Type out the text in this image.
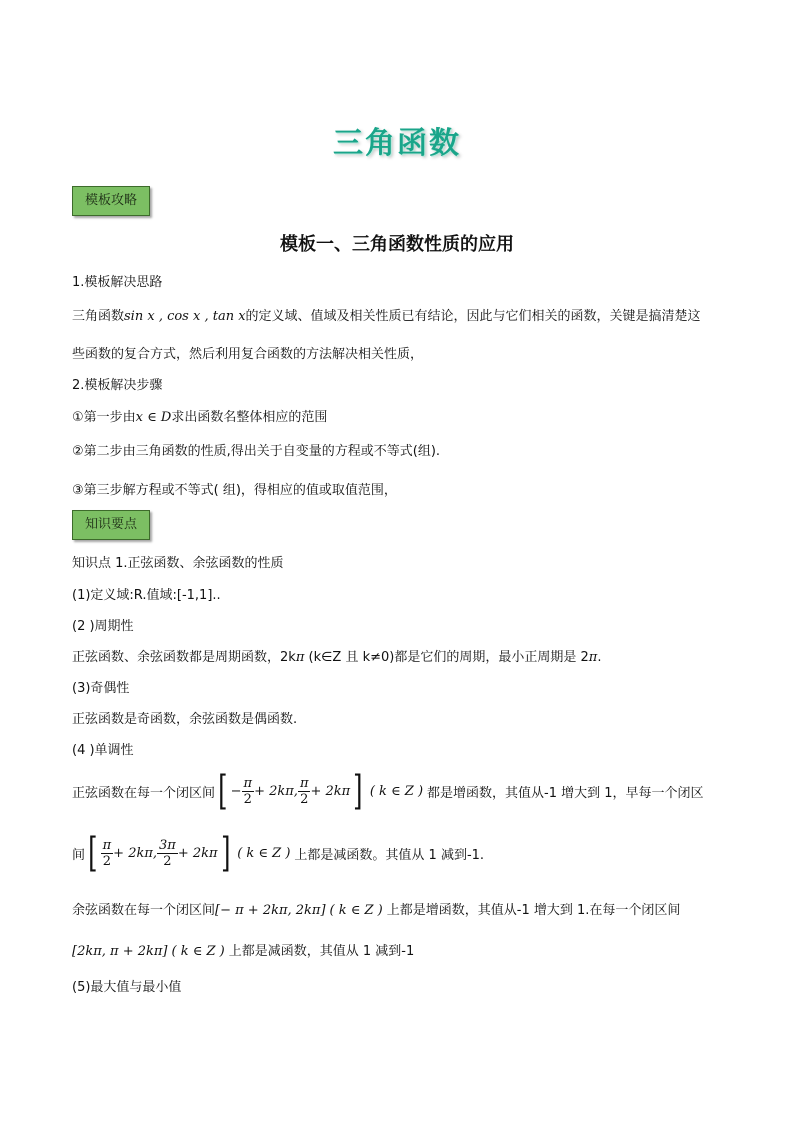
三角函数
模板攻略
模板一、三角函数性质的应用
1.模板解决思路
三角函数sin x , cos x , tan x的定义域、值域及相关性质已有结论，因此与它们相关的函数，关键是搞清楚这
些函数的复合方式，然后利用复合函数的方法解决相关性质，
2.模板解决步骤
①第一步由x ∈ D求出函数名整体相应的范围
②第二步由三角函数的性质,得出关于自变量的方程或不等式(组).
③第三步解方程或不等式( 组)，得相应的值或取值范围，
知识要点
知识点 1.正弦函数、余弦函数的性质
(1)定义域:R.值域:[-1,1]..
(2 )周期性
正弦函数、余弦函数都是周期函数，2kπ (k∈Z 且 k≠0)都是它们的周期，最小正周期是 2π.
(3)奇偶性
正弦函数是奇函数，余弦函数是偶函数.
(4 )单调性
正弦函数在每一个闭区间 [ − $\frac{\pi}{2} + 2k\pi$, $\frac{\pi}{2} + 2k\pi$ ] ( k ∈ Z ) 都是增函数，其值从-1 增大到 1，早每一个闭区
间 [ $\frac{\pi}{2} + 2k\pi$, $\frac{3\pi}{2} + 2k\pi$ ] ( k ∈ Z ) 上都是减函数。其值从 1 减到-1.
余弦函数在每一个闭区间[− π + 2kπ, 2kπ] ( k ∈ Z ) 上都是增函数，其值从-1 增大到 1.在每一个闭区间
[2kπ, π + 2kπ] ( k ∈ Z ) 上都是减函数，其值从 1 减到-1
(5)最大值与最小值
